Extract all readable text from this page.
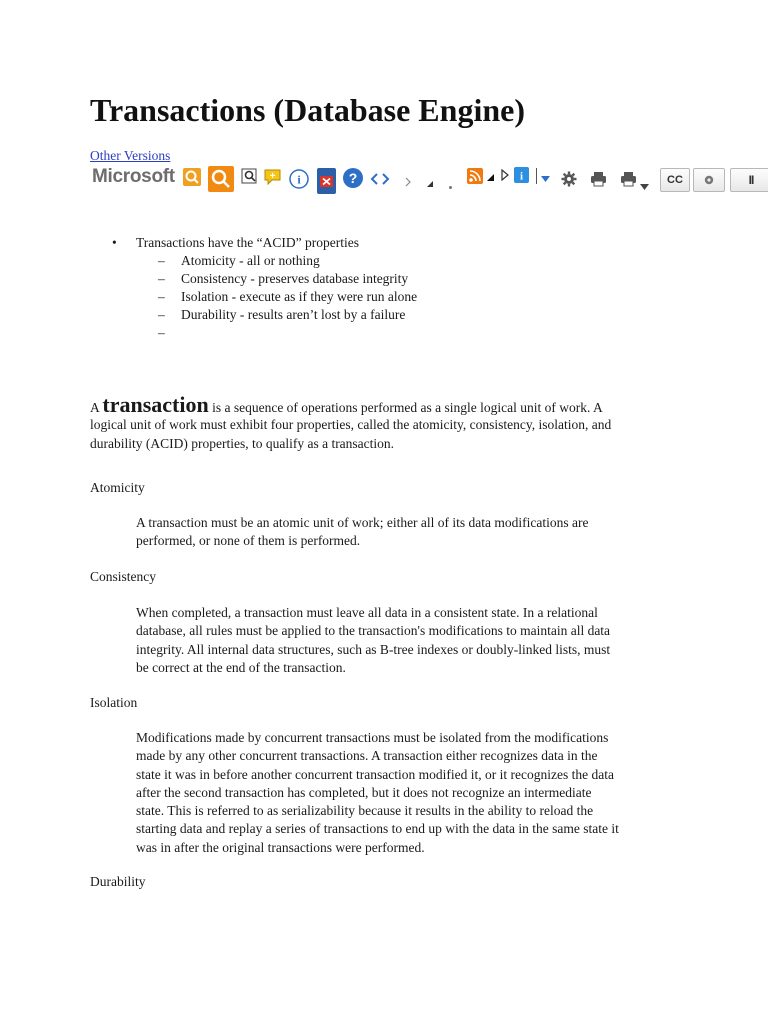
Transactions (Database Engine)
Other Versions
Microsoft	+ i	?	i	CC	II
• Transactions have the “ACID” properties
– Atomicity - all or nothing
– Consistency - preserves database integrity
– Isolation - execute as if they were run alone
– Durability - results aren’t lost by a failure
–
A transaction is a sequence of operations performed as a single logical unit of work. A
logical unit of work must exhibit four properties, called the atomicity, consistency, isolation, and
durability (ACID) properties, to qualify as a transaction.
Atomicity
A transaction must be an atomic unit of work; either all of its data modifications are
performed, or none of them is performed.
Consistency
When completed, a transaction must leave all data in a consistent state. In a relational
database, all rules must be applied to the transaction's modifications to maintain all data
integrity. All internal data structures, such as B-tree indexes or doubly-linked lists, must
be correct at the end of the transaction.
Isolation
Modifications made by concurrent transactions must be isolated from the modifications
made by any other concurrent transactions. A transaction either recognizes data in the
state it was in before another concurrent transaction modified it, or it recognizes the data
after the second transaction has completed, but it does not recognize an intermediate
state. This is referred to as serializability because it results in the ability to reload the
starting data and replay a series of transactions to end up with the data in the same state it
was in after the original transactions were performed.
Durability
